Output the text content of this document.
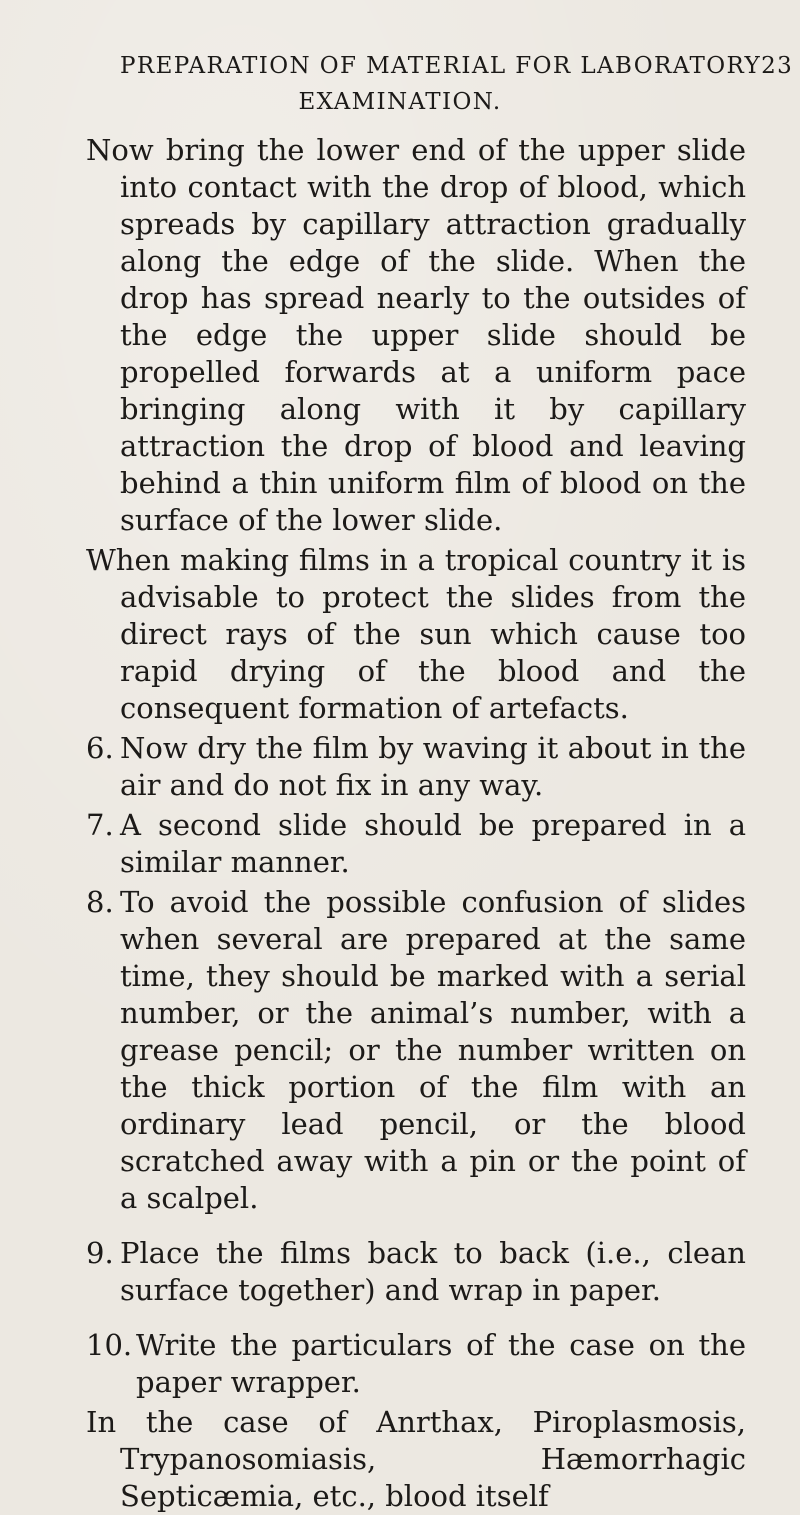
PREPARATION OF MATERIAL FOR LABORATORY 23
EXAMINATION.

Now bring the lower end of the upper slide into contact with the drop of blood, which spreads by capillary attraction gradually along the edge of the slide. When the drop has spread nearly to the outsides of the edge the upper slide should be propelled forwards at a uniform pace bringing along with it by capillary attraction the drop of blood and leaving behind a thin uniform film of blood on the surface of the lower slide.

When making films in a tropical country it is advisable to protect the slides from the direct rays of the sun which cause too rapid drying of the blood and the consequent formation of artefacts.

6. Now dry the film by waving it about in the air and do not fix in any way.
7. A second slide should be prepared in a similar manner.
8. To avoid the possible confusion of slides when several are prepared at the same time, they should be marked with a serial number, or the animal’s number, with a grease pencil; or the number written on the thick portion of the film with an ordinary lead pencil, or the blood scratched away with a pin or the point of a scalpel.
9. Place the films back to back (i.e., clean surface together) and wrap in paper.
10. Write the particulars of the case on the paper wrapper.

In the case of Anrthax, Piroplasmosis, Trypanosomiasis, Hæmorrhagic Septicæmia, etc., blood itself
